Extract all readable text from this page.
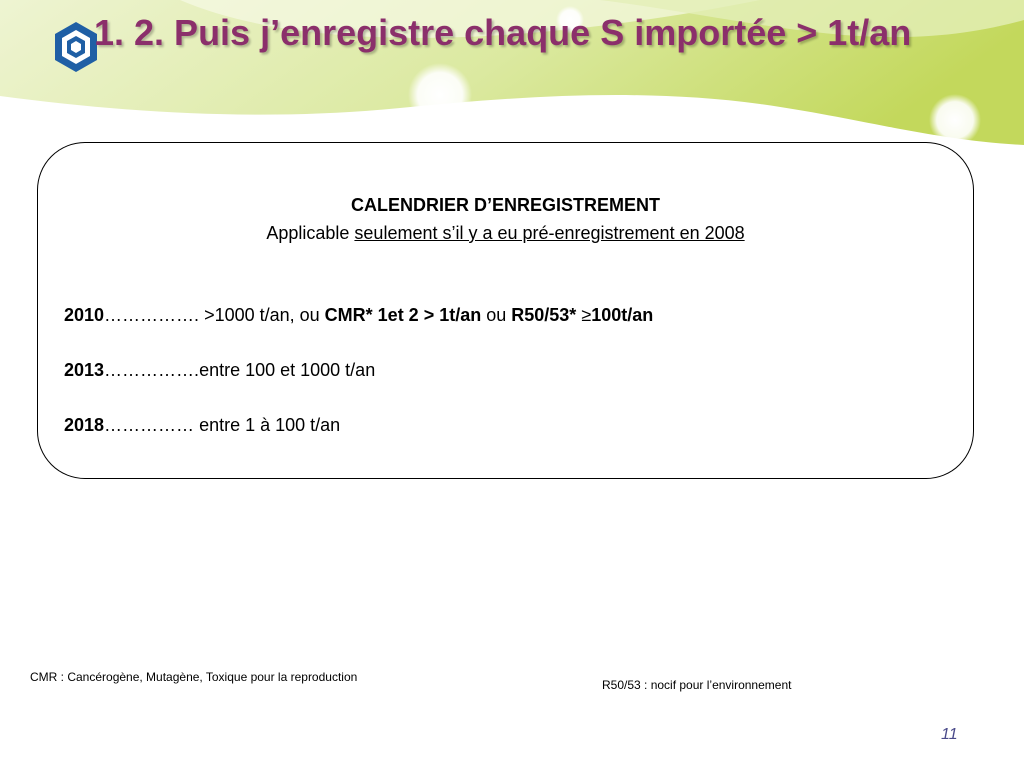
1. 2. Puis j’enregistre chaque S importée > 1t/an
CALENDRIER D’ENREGISTREMENT
Applicable seulement s’il y a eu pré-enregistrement en 2008
2010……………. >1000 t/an, ou CMR* 1et 2 > 1t/an ou R50/53* ≥100t/an
2013…………….entre 100 et 1000 t/an
2018…………… entre 1 à 100 t/an
CMR : Cancérogène, Mutagène, Toxique pour la reproduction
R50/53 : nocif pour l’environnement
11
